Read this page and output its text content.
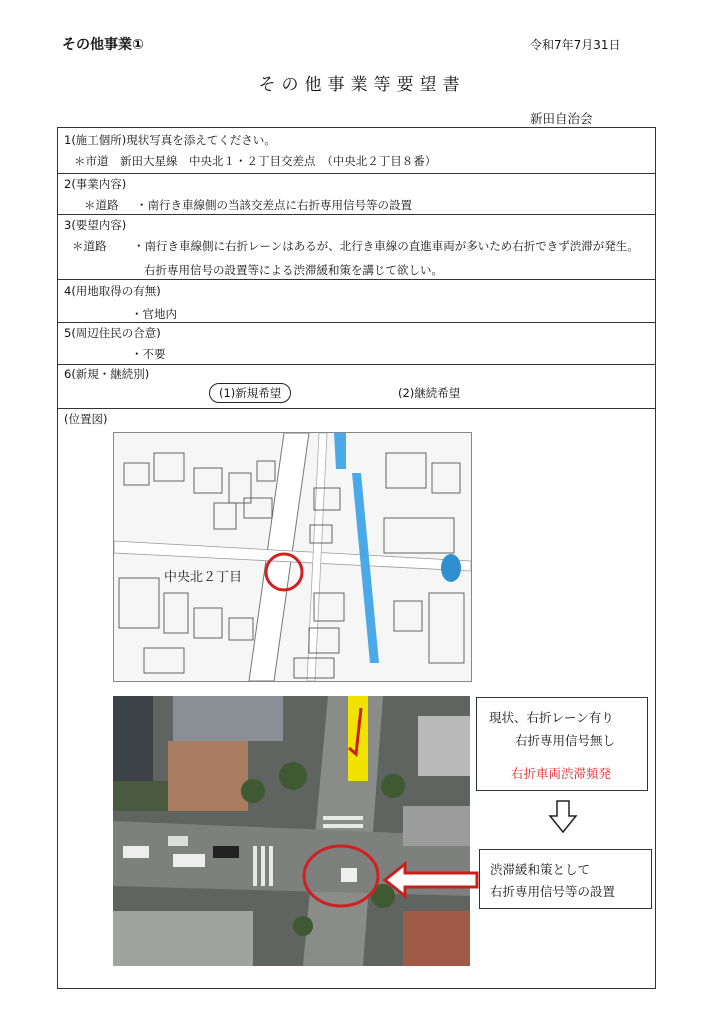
その他事業①	令和7年7月31日
その他事業等要望書
新田自治会
1(施工個所)現状写真を添えてください。
＊市道　新田大星線　中央北１・２丁目交差点　（中央北２丁目８番）
2(事業内容)
＊道路 ・南行き車線側の当該交差点に右折専用信号等の設置
3(要望内容)
＊道路 ・南行き車線側に右折レーンはあるが、北行き車線の直進車両が多いため右折できず渋滞が発生。
右折専用信号の設置等による渋滞緩和策を講じて欲しい。
4(用地取得の有無)
・官地内
5(周辺住民の合意)
・不要
6(新規・継続別)
(1)新規希望	(2)継続希望
(位置図)
中央北２丁目
現状、右折レーン有り
右折専用信号無し
右折車両渋滞頻発
渋滞緩和策として
右折専用信号等の設置
